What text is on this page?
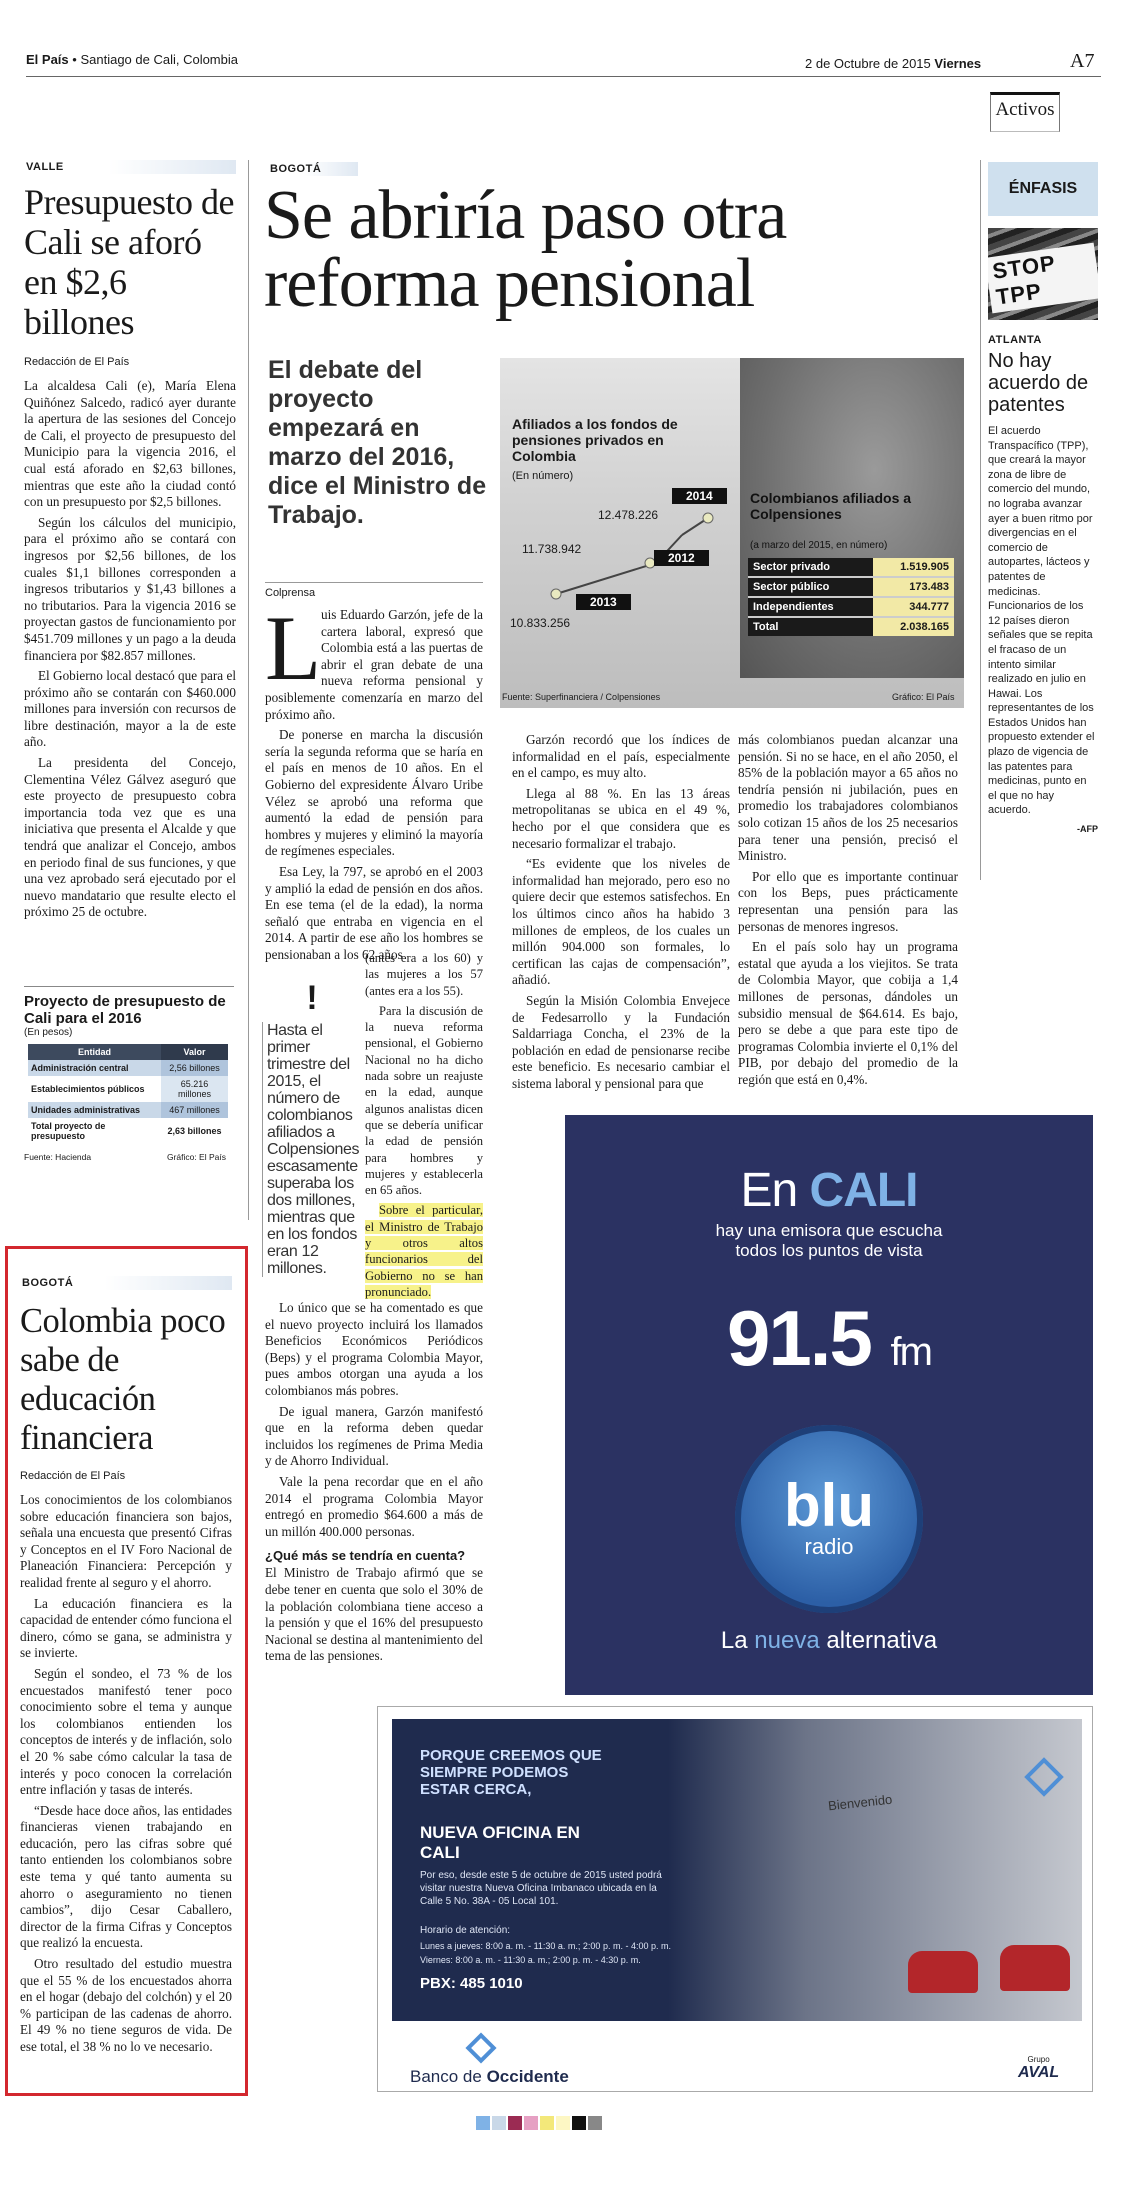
El País • Santiago de Cali, Colombia	2 de Octubre de 2015 Viernes	A7
Activos
VALLE
Presupuesto de Cali se aforó en $2,6 billones
Redacción de El País

La alcaldesa Cali (e), María Elena Quiñónez Salcedo, radicó ayer durante la apertura de las sesiones del Concejo de Cali, el proyecto de presupuesto del Municipio para la vigencia 2016, el cual está aforado en $2,63 billones, mientras que este año la ciudad contó con un presupuesto por $2,5 billones.

Según los cálculos del municipio, para el próximo año se contará con ingresos por $2,56 billones, de los cuales $1,1 billones corresponden a ingresos tributarios y $1,43 billones a no tributarios. Para la vigencia 2016 se proyectan gastos de funcionamiento por $451.709 millones y un pago a la deuda financiera por $82.857 millones.

El Gobierno local destacó que para el próximo año se contarán con $460.000 millones para inversión con recursos de libre destinación, mayor a la de este año.

La presidenta del Concejo, Clementina Vélez Gálvez aseguró que este proyecto de presupuesto cobra importancia toda vez que es una iniciativa que presenta el Alcalde y que tendrá que analizar el Concejo, ambos en periodo final de sus funciones, y que una vez aprobado será ejecutado por el nuevo mandatario que resulte electo el próximo 25 de octubre.

Proyecto de presupuesto de Cali para el 2016
(En pesos)
Entidad	Valor
Administración central	2,56 billones
Establecimientos públicos	65.216 millones
Unidades administrativas	467 millones
Total proyecto de presupuesto	2,63 billones
Fuente: Hacienda	Gráfico: El País
BOGOTÁ
Colombia poco sabe de educación financiera
Redacción de El País

Los conocimientos de los colombianos sobre educación financiera son bajos, señala una encuesta que presentó Cifras y Conceptos en el IV Foro Nacional de Planeación Financiera: Percepción y realidad frente al seguro y el ahorro.

La educación financiera es la capacidad de entender cómo funciona el dinero, cómo se gana, se administra y se invierte.

Según el sondeo, el 73 % de los encuestados manifestó tener poco conocimiento sobre el tema y aunque los colombianos entienden los conceptos de interés y de inflación, solo el 20 % sabe cómo calcular la tasa de interés y poco conocen la correlación entre inflación y tasas de interés.

“Desde hace doce años, las entidades financieras vienen trabajando en educación, pero las cifras sobre qué tanto entienden los colombianos sobre este tema y qué tanto aumenta su ahorro o aseguramiento no tienen cambios”, dijo Cesar Caballero, director de la firma Cifras y Conceptos que realizó la encuesta.

Otro resultado del estudio muestra que el 55 % de los encuestados ahorra en el hogar (debajo del colchón) y el 20 % participan de las cadenas de ahorro. El 49 % no tiene seguros de vida. De ese total, el 38 % no lo ve necesario.

BOGOTÁ
Se abriría paso otra reforma pensional
El debate del proyecto empezará en marzo del 2016, dice el Ministro de Trabajo.
Afiliados a los fondos de pensiones privados en Colombia
(En número)
2014
12.478.226
2012
11.738.942
2013
10.833.256
Colombianos afiliados a Colpensiones
(a marzo del 2015, en número)
Sector privado	1.519.905
Sector público	173.483
Independientes	344.777
Total	2.038.165
Fuente: Superfinanciera / Colpensiones	Gráfico: El País
Colprensa
L uis Eduardo Garzón, jefe de la cartera laboral, expresó que Colombia está a las puertas de abrir el gran debate de una nueva reforma pensional y posiblemente comenzaría en marzo del próximo año.

De ponerse en marcha la discusión sería la segunda reforma que se haría en el país en menos de 10 años. En el Gobierno del expresidente Álvaro Uribe Vélez se aprobó una reforma que aumentó la edad de pensión para hombres y mujeres y eliminó la mayoría de regímenes especiales.

Esa Ley, la 797, se aprobó en el 2003 y amplió la edad de pensión en dos años. En ese tema (el de la edad), la norma señaló que entraba en vigencia en el 2014. A partir de ese año los hombres se pensionaban a los 62 años

!
Hasta el primer trimestre del 2015, el número de colombianos afiliados a Colpensiones escasamente superaba los dos millones, mientras que en los fondos eran 12 millones.

(antes era a los 60) y las mujeres a los 57 (antes era a los 55).

Para la discusión de la nueva reforma pensional, el Gobierno Nacional no ha dicho nada sobre un reajuste en la edad, aunque algunos analistas dicen que se debería unificar la edad de pensión para hombres y mujeres y establecerla en 65 años.

Sobre el particular, el Ministro de Trabajo y otros altos funcionarios del Gobierno no se han pronunciado.

Lo único que se ha comentado es que el nuevo proyecto incluirá los llamados Beneficios Económicos Periódicos (Beps) y el programa Colombia Mayor, pues ambos otorgan una ayuda a los colombianos más pobres.

De igual manera, Garzón manifestó que en la reforma deben quedar incluidos los regímenes de Prima Media y de Ahorro Individual.

Vale la pena recordar que en el año 2014 el programa Colombia Mayor entregó en promedio $64.600 a más de un millón 400.000 personas.

¿Qué más se tendría en cuenta?

El Ministro de Trabajo afirmó que se debe tener en cuenta que solo el 30% de la población colombiana tiene acceso a la pensión y que el 16% del presupuesto Nacional se destina al mantenimiento del tema de las pensiones.

Garzón recordó que los índices de informalidad en el país, especialmente en el campo, es muy alto.

Llega al 88 %. En las 13 áreas metropolitanas se ubica en el 49 %, hecho por el que considera que es necesario formalizar el trabajo.

“Es evidente que los niveles de informalidad han mejorado, pero eso no quiere decir que estemos satisfechos. En los últimos cinco años ha habido 3 millones de empleos, de los cuales un millón 904.000 son formales, lo certifican las cajas de compensación”, añadió.

Según la Misión Colombia Envejece de Fedesarrollo y la Fundación Saldarriaga Concha, el 23% de la población en edad de pensionarse recibe este beneficio. Es necesario cambiar el sistema laboral y pensional para que

más colombianos puedan alcanzar una pensión. Si no se hace, en el año 2050, el 85% de la población mayor a 65 años no tendría pensión ni jubilación, pues en promedio los trabajadores colombianos solo cotizan 15 años de los 25 necesarios para tener una pensión, precisó el Ministro.

Por ello que es importante continuar con los Beps, pues prácticamente representan una pensión para las personas de menores ingresos.

En el país solo hay un programa estatal que ayuda a los viejitos. Se trata de Colombia Mayor, que cobija a 1,4 millones de personas, dándoles un subsidio mensual de $64.614. Es bajo, pero se debe a que para este tipo de programas Colombia invierte el 0,1% del PIB, por debajo del promedio de la región que está en 0,4%.

ÉNFASIS
STOP TPP
ATLANTA
No hay acuerdo de patentes

El acuerdo Transpacífico (TPP), que creará la mayor zona de libre de comercio del mundo, no lograba avanzar ayer a buen ritmo por divergencias en el comercio de autopartes, lácteos y patentes de medicinas. Funcionarios de los 12 países dieron señales que se repita el fracaso de un intento similar realizado en julio en Hawai. Los representantes de los Estados Unidos han propuesto extender el plazo de vigencia de las patentes para medicinas, punto en el que no hay acuerdo.

-AFP
En CALI
hay una emisora que escucha todos los puntos de vista
91.5 fm
blu
radio
La nueva alternativa
PORQUE CREEMOS QUE SIEMPRE PODEMOS ESTAR CERCA,
NUEVA OFICINA EN CALI
Por eso, desde este 5 de octubre de 2015 usted podrá visitar nuestra Nueva Oficina Imbanaco ubicada en la Calle 5 No. 38A - 05 Local 101.
Horario de atención:
Lunes a jueves: 8:00 a. m. - 11:30 a. m.; 2:00 p. m. - 4:00 p. m.
Viernes: 8:00 a. m. - 11:30 a. m.; 2:00 p. m. - 4:30 p. m.
PBX: 485 1010
Bienvenido
Banco de Occidente
Grupo
AVAL
